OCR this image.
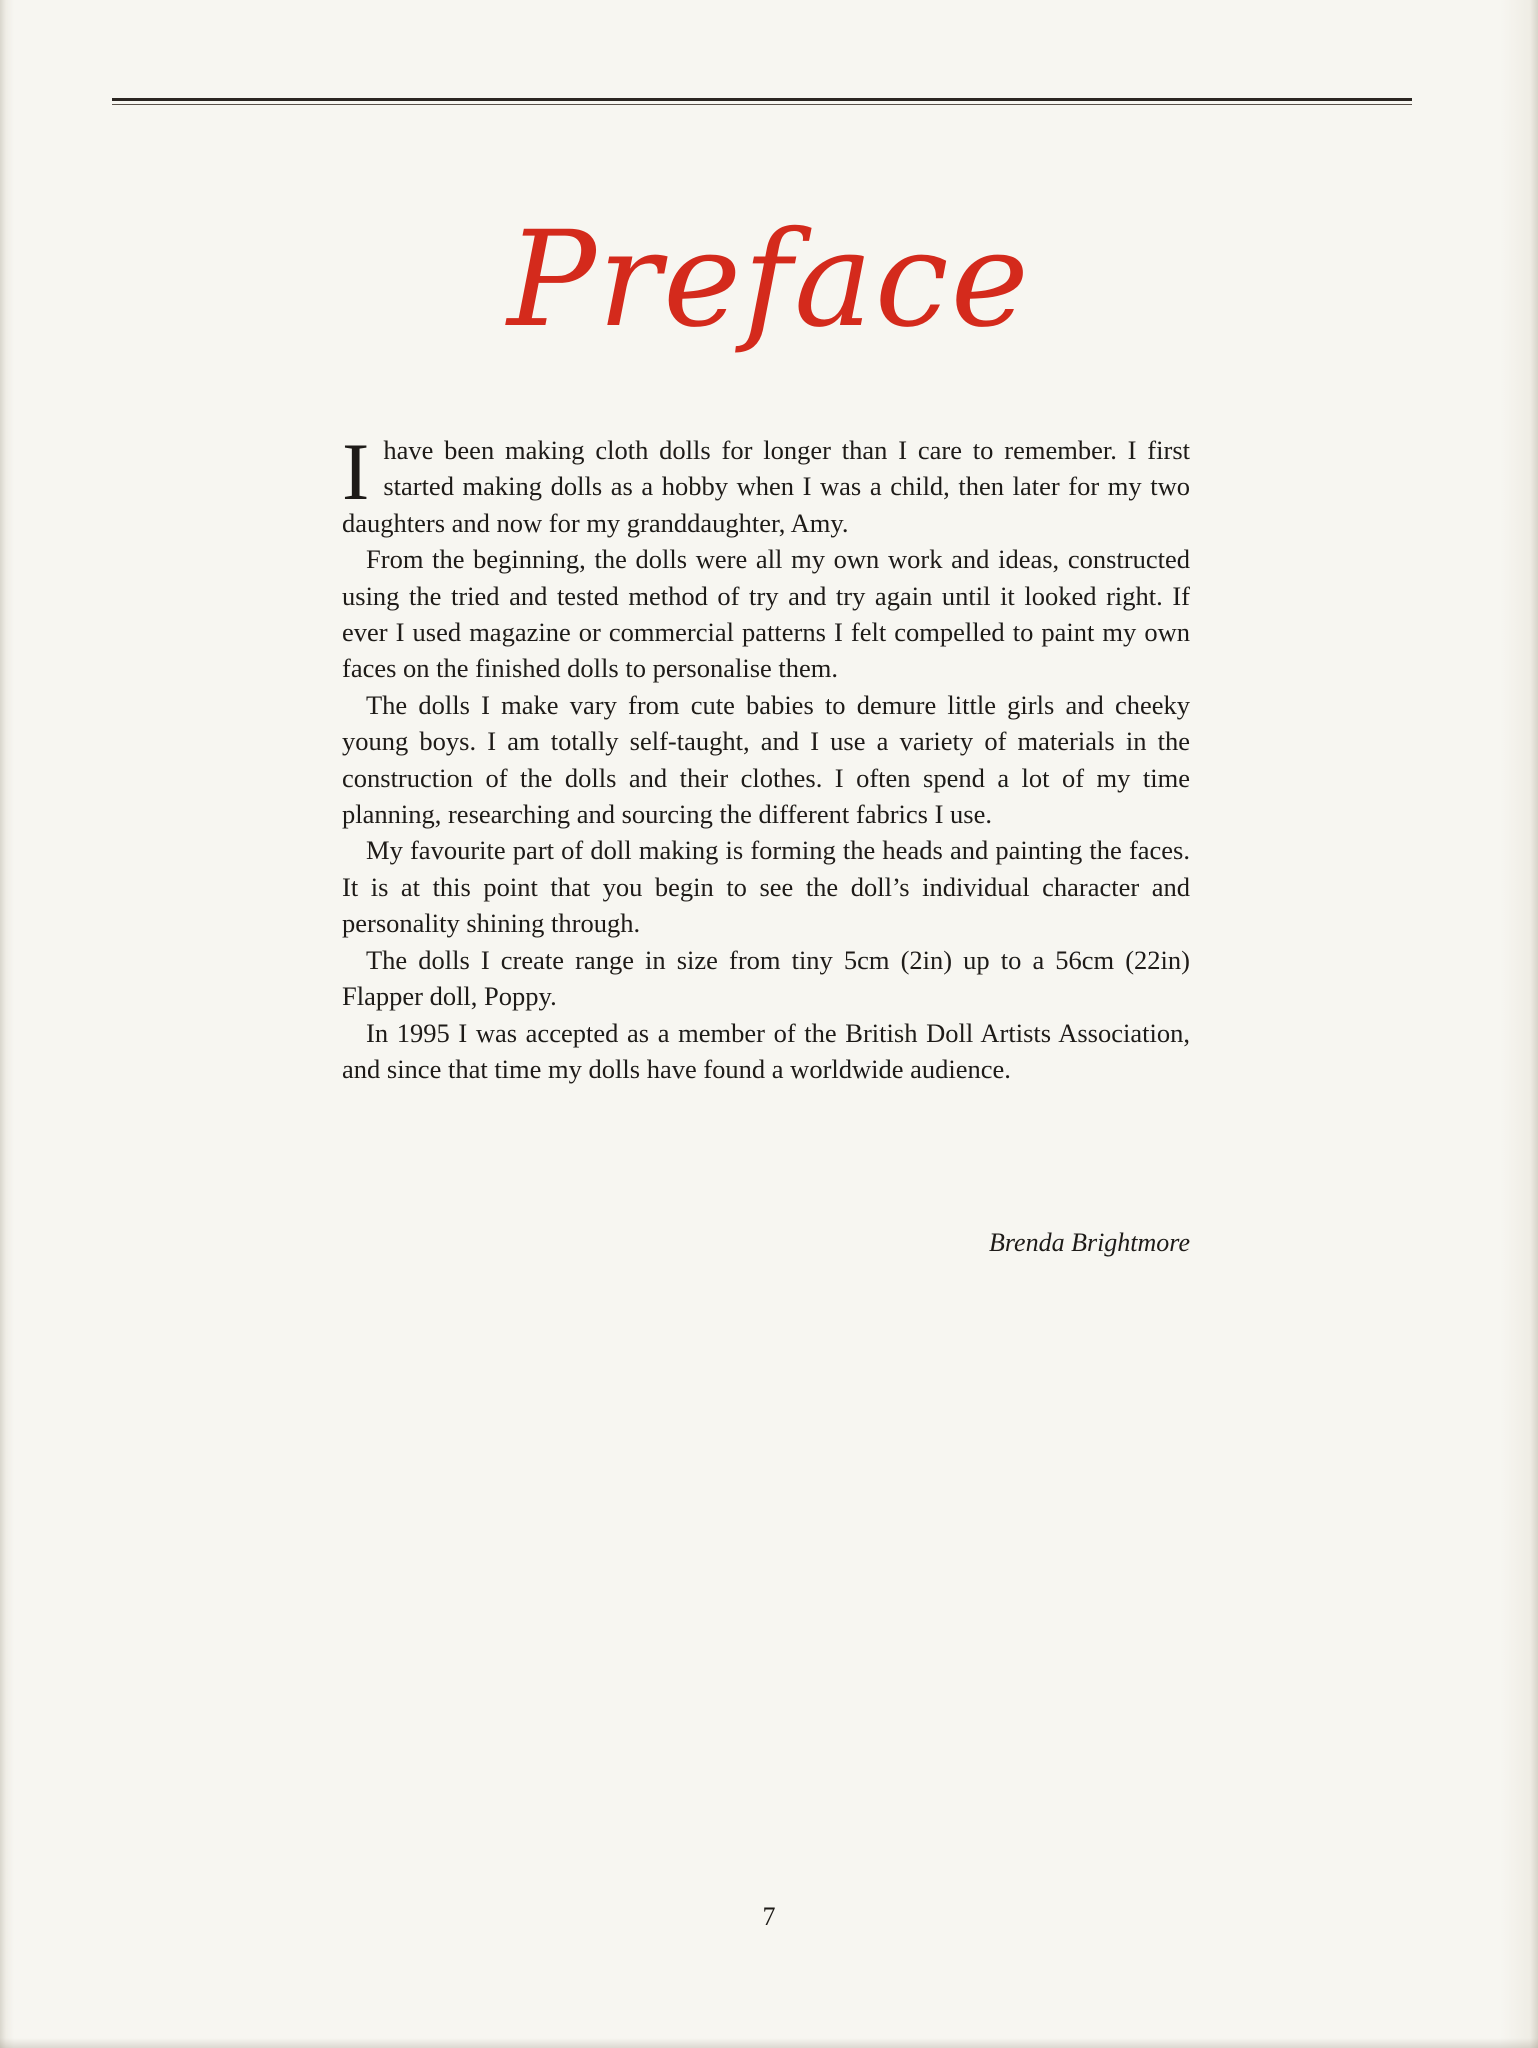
Preface

Ihave been making cloth dolls for longer than I care to remember. I first started making dolls as a hobby when I was a child, then later for my two daughters and now for my granddaughter, Amy.

From the beginning, the dolls were all my own work and ideas, constructed using the tried and tested method of try and try again until it looked right. If ever I used magazine or commercial patterns I felt compelled to paint my own faces on the finished dolls to personalise them.

The dolls I make vary from cute babies to demure little girls and cheeky young boys. I am totally self-taught, and I use a variety of materials in the construction of the dolls and their clothes. I often spend a lot of my time planning, researching and sourcing the different fabrics I use.

My favourite part of doll making is forming the heads and painting the faces. It is at this point that you begin to see the doll’s individual character and personality shining through.

The dolls I create range in size from tiny 5cm (2in) up to a 56cm (22in) Flapper doll, Poppy.

In 1995 I was accepted as a member of the British Doll Artists Association, and since that time my dolls have found a worldwide audience.

Brenda Brightmore
7
